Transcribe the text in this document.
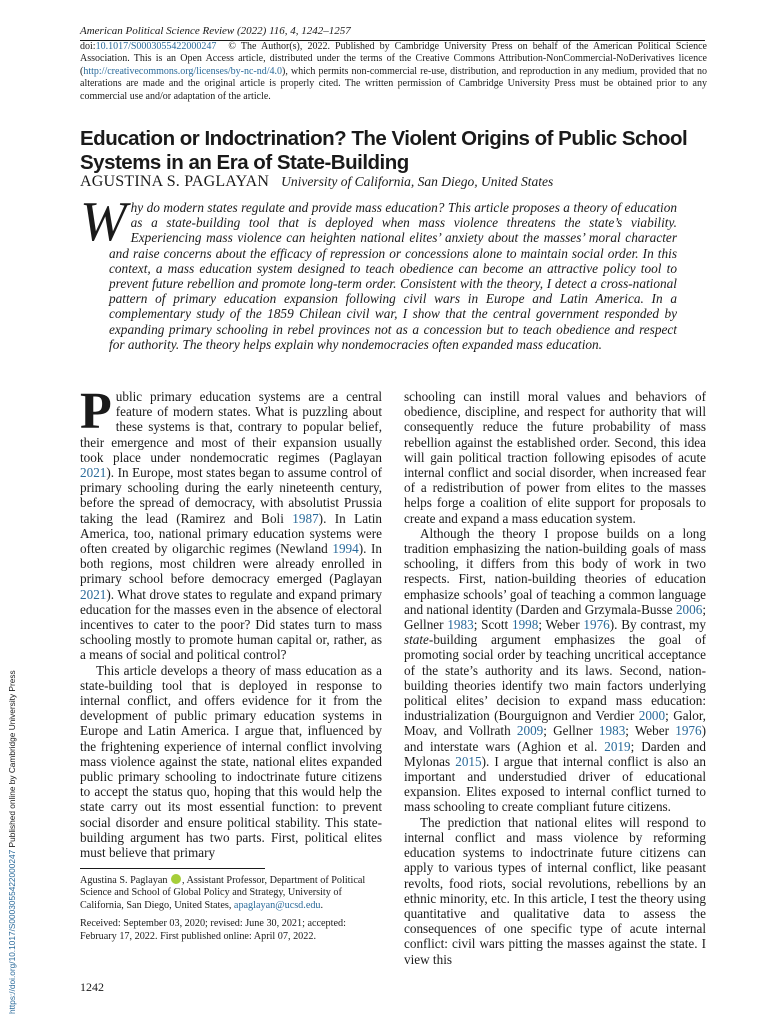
American Political Science Review (2022) 116, 4, 1242–1257
doi:10.1017/S0003055422000247 © The Author(s), 2022. Published by Cambridge University Press on behalf of the American Political Science Association. This is an Open Access article, distributed under the terms of the Creative Commons Attribution-NonCommercial-NoDerivatives licence (http://creativecommons.org/licenses/by-nc-nd/4.0), which permits non-commercial re-use, distribution, and reproduction in any medium, provided that no alterations are made and the original article is properly cited. The written permission of Cambridge University Press must be obtained prior to any commercial use and/or adaptation of the article.
Education or Indoctrination? The Violent Origins of Public School Systems in an Era of State-Building
AGUSTINA S. PAGLAYAN University of California, San Diego, United States
Why do modern states regulate and provide mass education? This article proposes a theory of education as a state-building tool that is deployed when mass violence threatens the state’s viability. Experiencing mass violence can heighten national elites’ anxiety about the masses’ moral character and raise concerns about the efficacy of repression or concessions alone to maintain social order. In this context, a mass education system designed to teach obedience can become an attractive policy tool to prevent future rebellion and promote long-term order. Consistent with the theory, I detect a cross-national pattern of primary education expansion following civil wars in Europe and Latin America. In a complementary study of the 1859 Chilean civil war, I show that the central government responded by expanding primary schooling in rebel provinces not as a concession but to teach obedience and respect for authority. The theory helps explain why nondemocracies often expanded mass education.

Public primary education systems are a central feature of modern states. What is puzzling about these systems is that, contrary to popular belief, their emergence and most of their expansion usually took place under nondemocratic regimes (Paglayan 2021). In Europe, most states began to assume control of primary schooling during the early nineteenth century, before the spread of democracy, with absolutist Prussia taking the lead (Ramirez and Boli 1987). In Latin America, too, national primary education systems were often created by oligarchic regimes (Newland 1994). In both regions, most children were already enrolled in primary school before democracy emerged (Paglayan 2021). What drove states to regulate and expand primary education for the masses even in the absence of electoral incentives to cater to the poor? Did states turn to mass schooling mostly to promote human capital or, rather, as a means of social and political control?

This article develops a theory of mass education as a state-building tool that is deployed in response to internal conflict, and offers evidence for it from the development of public primary education systems in Europe and Latin America. I argue that, influenced by the frightening experience of internal conflict involving mass violence against the state, national elites expanded public primary schooling to indoctrinate future citizens to accept the status quo, hoping that this would help the state carry out its most essential function: to prevent social disorder and ensure political stability. This state-building argument has two parts. First, political elites must believe that primary

schooling can instill moral values and behaviors of obedience, discipline, and respect for authority that will consequently reduce the future probability of mass rebellion against the established order. Second, this idea will gain political traction following episodes of acute internal conflict and social disorder, when increased fear of a redistribution of power from elites to the masses helps forge a coalition of elite support for proposals to create and expand a mass education system.

Although the theory I propose builds on a long tradition emphasizing the nation-building goals of mass schooling, it differs from this body of work in two respects. First, nation-building theories of education emphasize schools’ goal of teaching a common language and national identity (Darden and Grzymala-Busse 2006; Gellner 1983; Scott 1998; Weber 1976). By contrast, my state-building argument emphasizes the goal of promoting social order by teaching uncritical acceptance of the state’s authority and its laws. Second, nation-building theories identify two main factors underlying political elites’ decision to expand mass education: industrialization (Bourguignon and Verdier 2000; Galor, Moav, and Vollrath 2009; Gellner 1983; Weber 1976) and interstate wars (Aghion et al. 2019; Darden and Mylonas 2015). I argue that internal conflict is also an important and understudied driver of educational expansion. Elites exposed to internal conflict turned to mass schooling to create compliant future citizens.

The prediction that national elites will respond to internal conflict and mass violence by reforming education systems to indoctrinate future citizens can apply to various types of internal conflict, like peasant revolts, food riots, social revolutions, rebellions by an ethnic minority, etc. In this article, I test the theory using quantitative and qualitative data to assess the consequences of one specific type of acute internal conflict: civil wars pitting the masses against the state. I view this

Agustina S. Paglayan , Assistant Professor, Department of Political Science and School of Global Policy and Strategy, University of California, San Diego, United States, apaglayan@ucsd.edu.

Received: September 03, 2020; revised: June 30, 2021; accepted: February 17, 2022. First published online: April 07, 2022.

1242
https://doi.org/10.1017/S0003055422000247 Published online by Cambridge University Press
